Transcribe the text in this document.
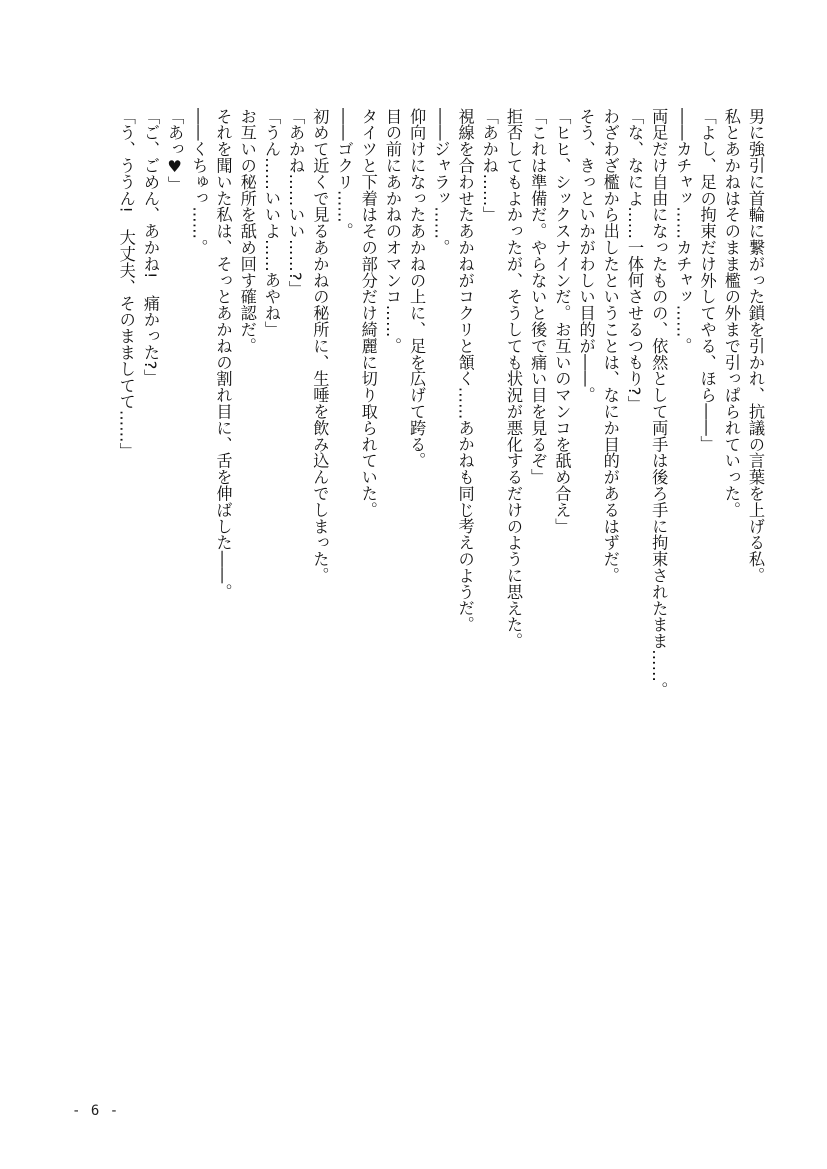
男に強引に首輪に繋がった鎖を引かれ、抗議の言葉を上げる私。
私とあかねはそのまま檻の外まで引っぱられていった。
「よし、足の拘束だけ外してやる、ほら――」
――カチャッ……カチャッ……。
両足だけ自由になったものの、依然として両手は後ろ手に拘束されたまま……。
「な、なによ……一体何させるつもり?」
わざわざ檻から出したということは、なにか目的があるはずだ。
そう、きっといかがわしい目的が――。
「ヒヒ、シックスナインだ。お互いのマンコを舐め合え」
「これは準備だ。やらないと後で痛い目を見るぞ」
拒否してもよかったが、そうしても状況が悪化するだけのように思えた。
「あかね……」
視線を合わせたあかねがコクリと頷く……あかねも同じ考えのようだ。
――ジャラッ……。
仰向けになったあかねの上に、足を広げて跨る。
目の前にあかねのオマンコ……。
タイツと下着はその部分だけ綺麗に切り取られていた。
――ゴクリ……。
初めて近くで見るあかねの秘所に、生唾を飲み込んでしまった。
「あかね……いい……?」
「うん……いいよ……あやね」
お互いの秘所を舐め回す確認だ。
それを聞いた私は、そっとあかねの割れ目に、舌を伸ばした――。
――くちゅっ……。
「あっ♥」
「ご、ごめん、あかね!　痛かった?」
「う、ううん!　大丈夫、そのまましてて……」
- 6 -
